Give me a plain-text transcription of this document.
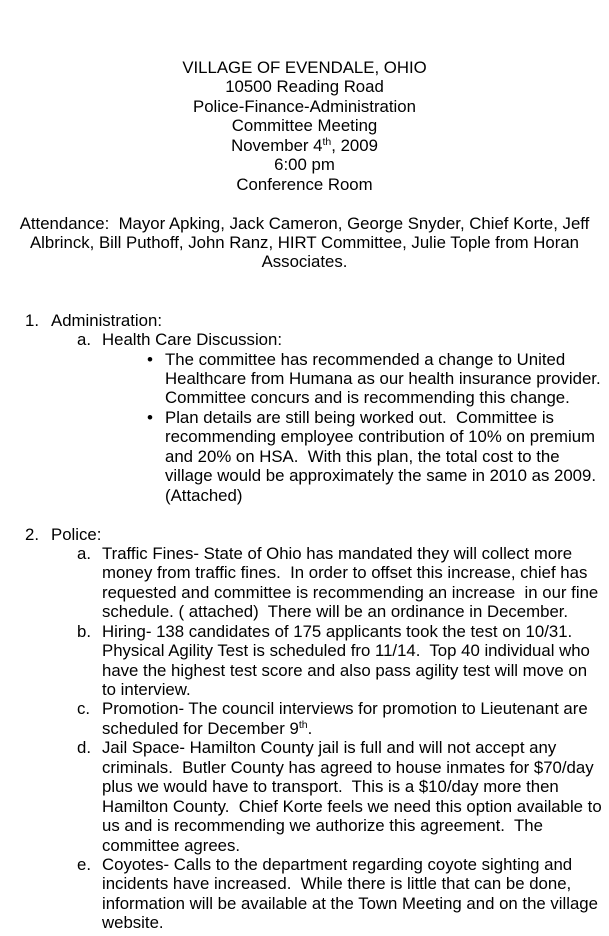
VILLAGE OF EVENDALE, OHIO
10500 Reading Road
Police-Finance-Administration
Committee Meeting
November 4th, 2009
6:00 pm
Conference Room
Attendance:  Mayor Apking, Jack Cameron, George Snyder, Chief Korte, Jeff
Albrinck, Bill Puthoff, John Ranz, HIRT Committee, Julie Tople from Horan
Associates.
1. Administration:
a. Health Care Discussion:
• The committee has recommended a change to United
Healthcare from Humana as our health insurance provider.
Committee concurs and is recommending this change.
• Plan details are still being worked out.  Committee is
recommending employee contribution of 10% on premium
and 20% on HSA.  With this plan, the total cost to the
village would be approximately the same in 2010 as 2009.
(Attached)
2. Police:
a. Traffic Fines- State of Ohio has mandated they will collect more
money from traffic fines.  In order to offset this increase, chief has
requested and committee is recommending an increase  in our fine
schedule. ( attached)  There will be an ordinance in December.
b. Hiring- 138 candidates of 175 applicants took the test on 10/31.
Physical Agility Test is scheduled fro 11/14.  Top 40 individual who
have the highest test score and also pass agility test will move on
to interview.
c. Promotion- The council interviews for promotion to Lieutenant are
scheduled for December 9th.
d. Jail Space- Hamilton County jail is full and will not accept any
criminals.  Butler County has agreed to house inmates for $70/day
plus we would have to transport.  This is a $10/day more then
Hamilton County.  Chief Korte feels we need this option available to
us and is recommending we authorize this agreement.  The
committee agrees.
e. Coyotes- Calls to the department regarding coyote sighting and
incidents have increased.  While there is little that can be done,
information will be available at the Town Meeting and on the village
website.
